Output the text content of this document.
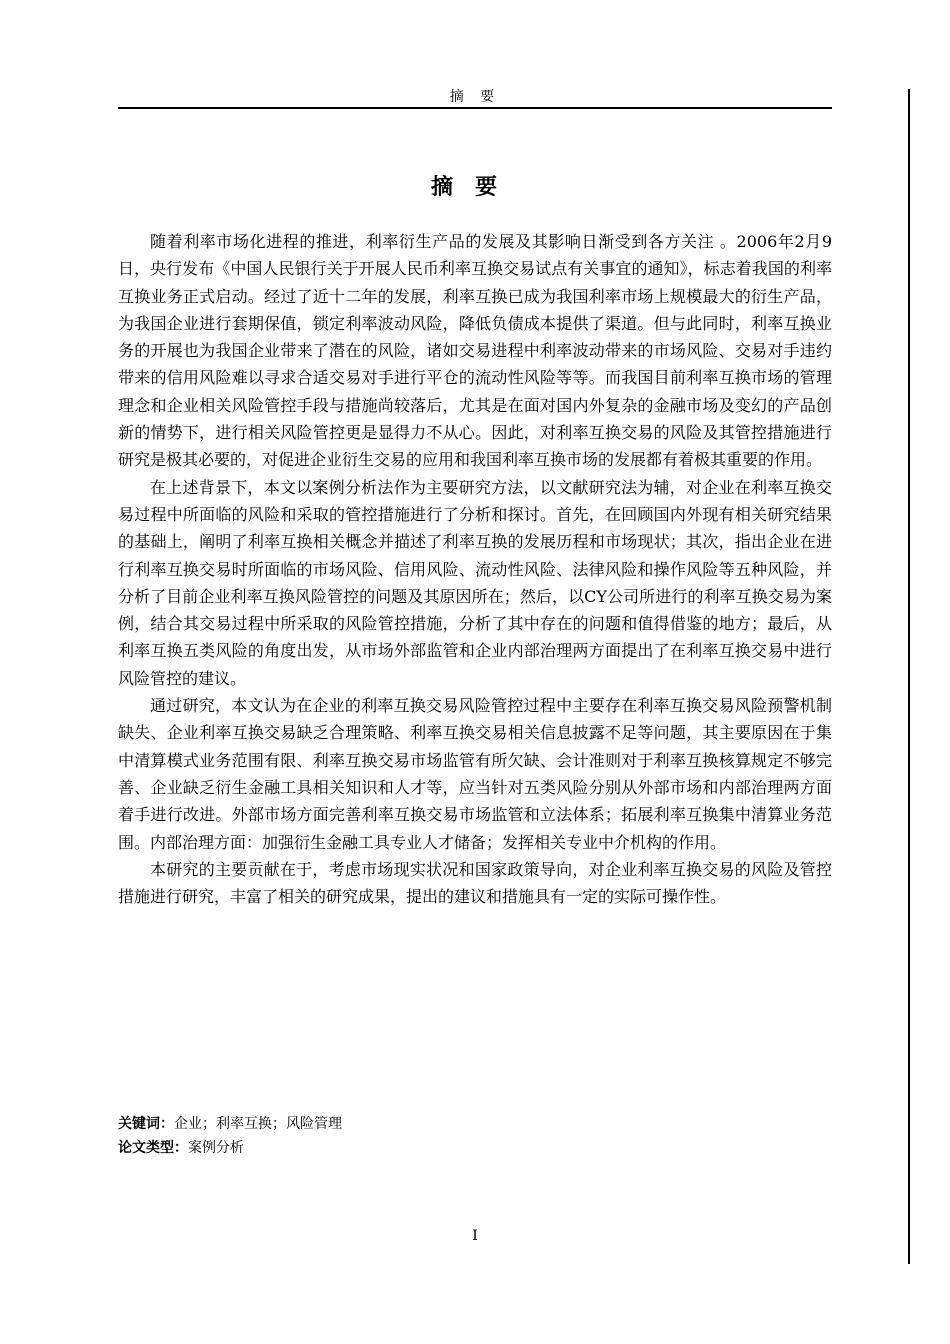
摘 要
摘要

随着利率市场化进程的推进，利率衍生产品的发展及其影响日渐受到各方关注 。2006年2月9日，央行发布《中国人民银行关于开展人民币利率互换交易试点有关事宜的通知》，标志着我国的利率互换业务正式启动。经过了近十二年的发展，利率互换已成为我国利率市场上规模最大的衍生产品，为我国企业进行套期保值，锁定利率波动风险，降低负债成本提供了渠道。但与此同时，利率互换业务的开展也为我国企业带来了潜在的风险，诸如交易进程中利率波动带来的市场风险、交易对手违约带来的信用风险难以寻求合适交易对手进行平仓的流动性风险等等。而我国目前利率互换市场的管理理念和企业相关风险管控手段与措施尚较落后，尤其是在面对国内外复杂的金融市场及变幻的产品创新的情势下，进行相关风险管控更是显得力不从心。因此，对利率互换交易的风险及其管控措施进行研究是极其必要的，对促进企业衍生交易的应用和我国利率互换市场的发展都有着极其重要的作用。

在上述背景下，本文以案例分析法作为主要研究方法，以文献研究法为辅，对企业在利率互换交易过程中所面临的风险和采取的管控措施进行了分析和探讨。首先，在回顾国内外现有相关研究结果的基础上，阐明了利率互换相关概念并描述了利率互换的发展历程和市场现状；其次，指出企业在进行利率互换交易时所面临的市场风险、信用风险、流动性风险、法律风险和操作风险等五种风险，并分析了目前企业利率互换风险管控的问题及其原因所在；然后，以CY公司所进行的利率互换交易为案例，结合其交易过程中所采取的风险管控措施，分析了其中存在的问题和值得借鉴的地方；最后，从利率互换五类风险的角度出发，从市场外部监管和企业内部治理两方面提出了在利率互换交易中进行风险管控的建议。

通过研究，本文认为在企业的利率互换交易风险管控过程中主要存在利率互换交易风险预警机制缺失、企业利率互换交易缺乏合理策略、利率互换交易相关信息披露不足等问题，其主要原因在于集中清算模式业务范围有限、利率互换交易市场监管有所欠缺、会计准则对于利率互换核算规定不够完善、企业缺乏衍生金融工具相关知识和人才等，应当针对五类风险分别从外部市场和内部治理两方面着手进行改进。外部市场方面完善利率互换交易市场监管和立法体系；拓展利率互换集中清算业务范围。内部治理方面：加强衍生金融工具专业人才储备；发挥相关专业中介机构的作用。

本研究的主要贡献在于，考虑市场现实状况和国家政策导向，对企业利率互换交易的风险及管控措施进行研究，丰富了相关的研究成果，提出的建议和措施具有一定的实际可操作性。

关键词：企业；利率互换；风险管理
论文类型：案例分析
I
